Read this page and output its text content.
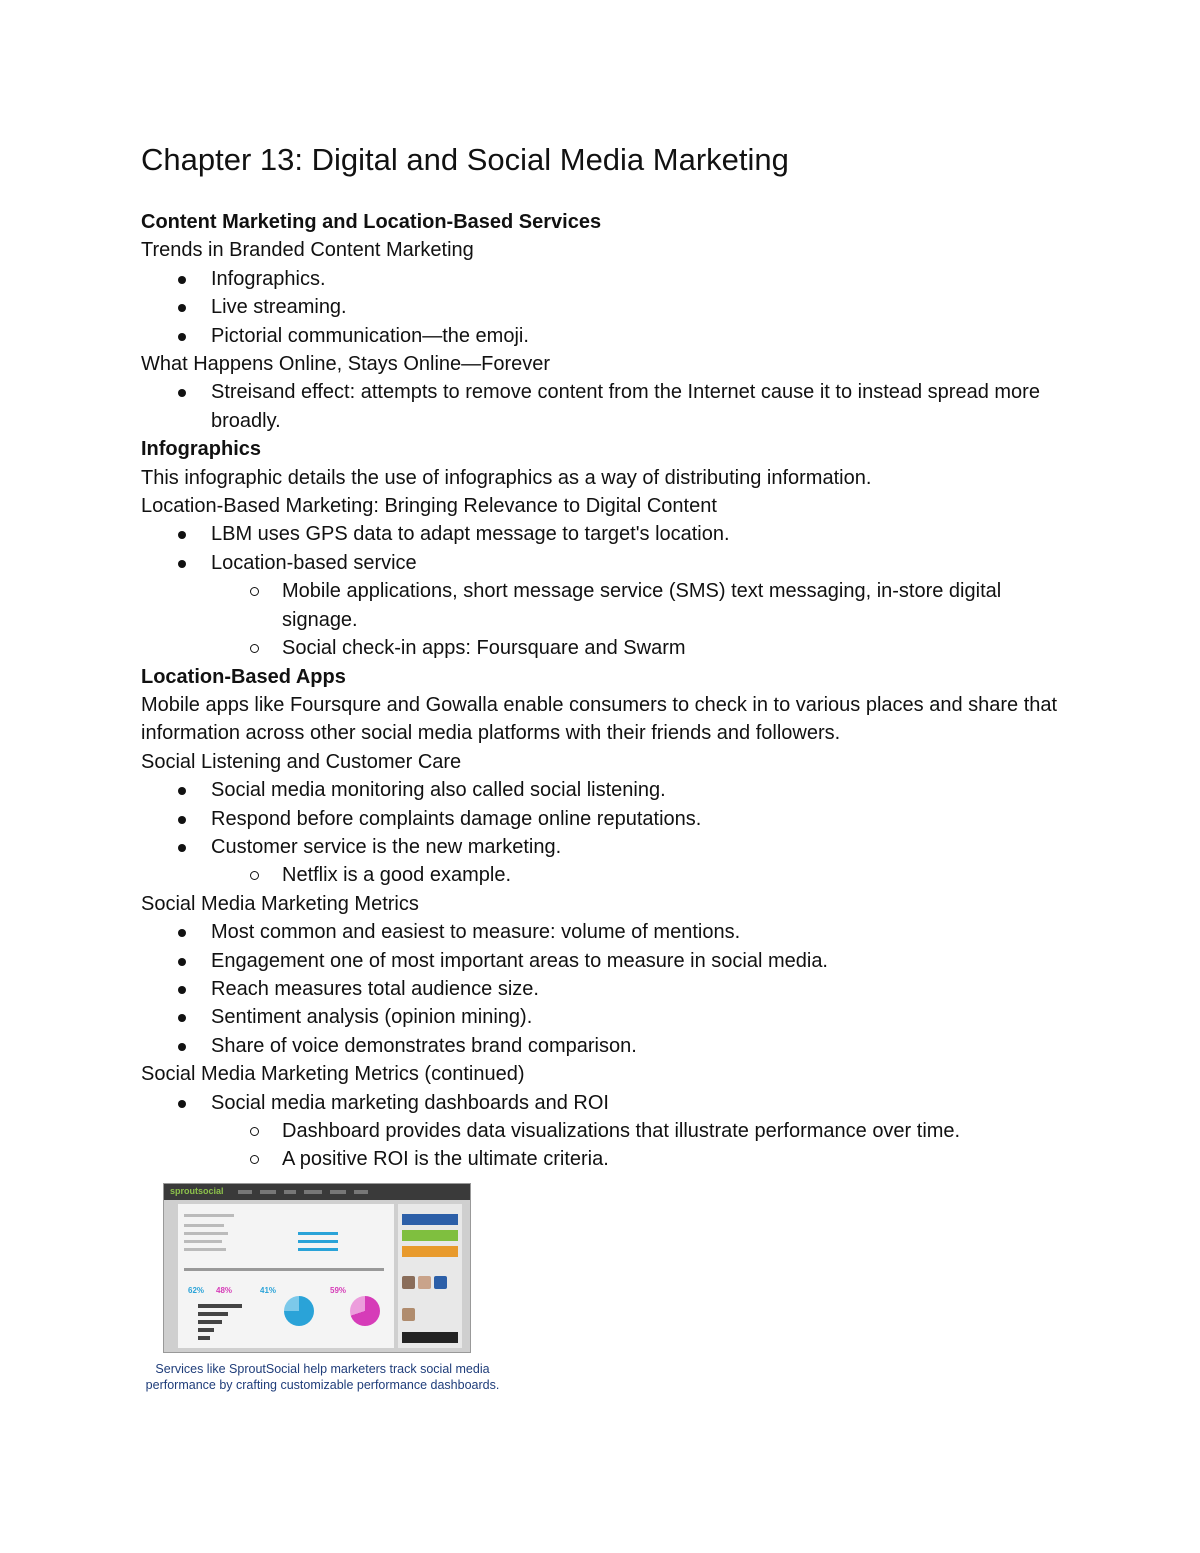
Chapter 13: Digital and Social Media Marketing

Content Marketing and Location-Based Services

Trends in Branded Content Marketing

Infographics.

Live streaming.

Pictorial communication—the emoji.

What Happens Online, Stays Online—Forever

Streisand effect: attempts to remove content from the Internet cause it to instead spread more broadly.

Infographics

This infographic details the use of infographics as a way of distributing information.

Location-Based Marketing: Bringing Relevance to Digital Content

LBM uses GPS data to adapt message to target's location.

Location-based service

Mobile applications, short message service (SMS) text messaging, in-store digital signage.

Social check-in apps: Foursquare and Swarm

Location-Based Apps

Mobile apps like Foursqure and Gowalla enable consumers to check in to various places and share that information across other social media platforms with their friends and followers.

Social Listening and Customer Care

Social media monitoring also called social listening.

Respond before complaints damage online reputations.

Customer service is the new marketing.

Netflix is a good example.

Social Media Marketing Metrics

Most common and easiest to measure: volume of mentions.

Engagement one of most important areas to measure in social media.

Reach measures total audience size.

Sentiment analysis (opinion mining).

Share of voice demonstrates brand comparison.

Social Media Marketing Metrics (continued)

Social media marketing dashboards and ROI

Dashboard provides data visualizations that illustrate performance over time.

A positive ROI is the ultimate criteria.

sproutsocial
62% 48%	41%	59%
Services like SproutSocial help marketers track social media performance by crafting customizable performance dashboards.
